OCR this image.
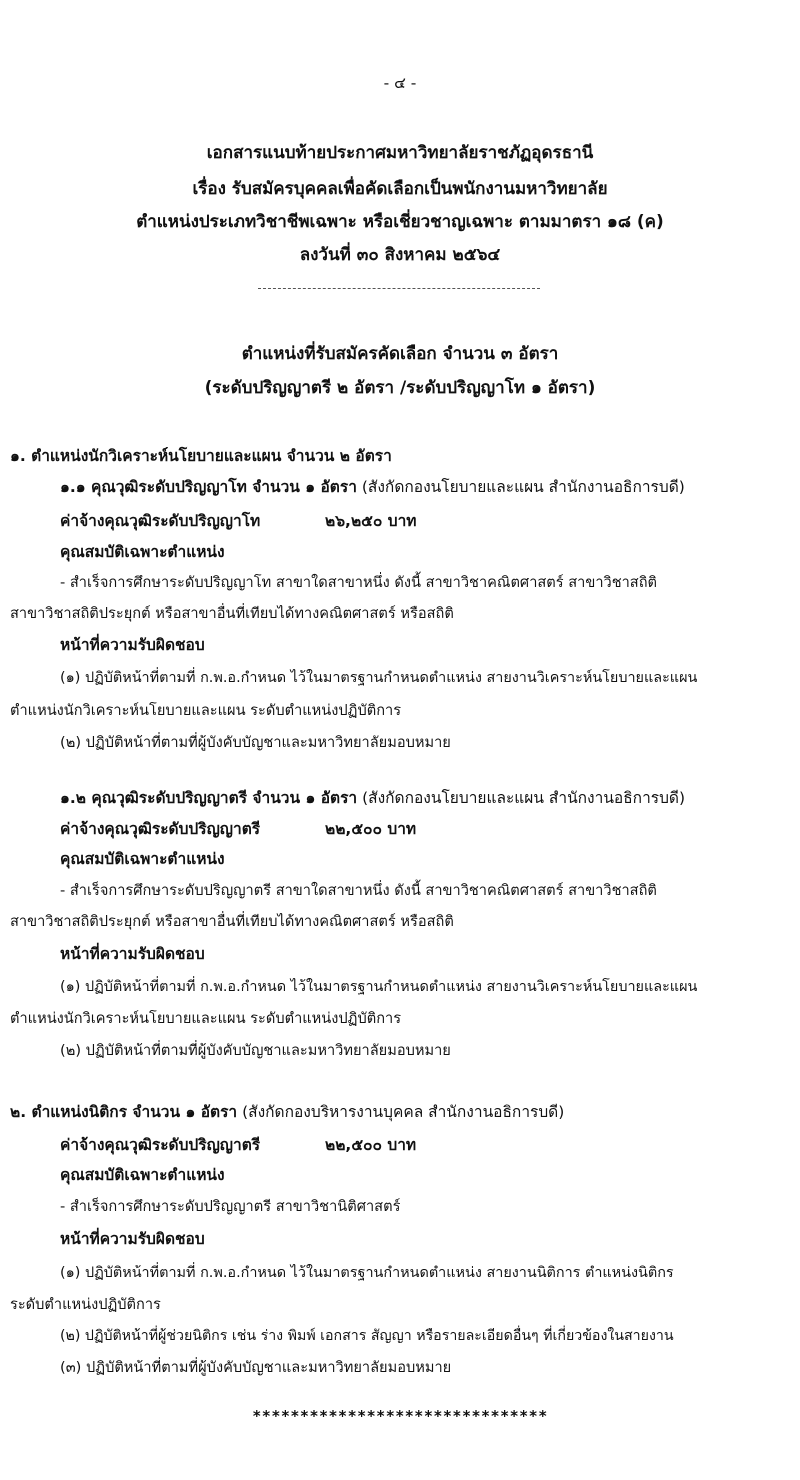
- ๔ -
เอกสารแนบท้ายประกาศมหาวิทยาลัยราชภัฏอุดรธานี
เรื่อง รับสมัครบุคคลเพื่อคัดเลือกเป็นพนักงานมหาวิทยาลัย
ตำแหน่งประเภทวิชาชีพเฉพาะ หรือเชี่ยวชาญเฉพาะ ตามมาตรา ๑๘ (ค)
ลงวันที่ ๓๐ สิงหาคม ๒๕๖๔
ตำแหน่งที่รับสมัครคัดเลือก จำนวน ๓ อัตรา
(ระดับปริญญาตรี ๒ อัตรา /ระดับปริญญาโท ๑ อัตรา)
๑. ตำแหน่งนักวิเคราะห์นโยบายและแผน จำนวน ๒ อัตรา
๑.๑ คุณวุฒิระดับปริญญาโท จำนวน ๑ อัตรา (สังกัดกองนโยบายและแผน สำนักงานอธิการบดี)
ค่าจ้างคุณวุฒิระดับปริญญาโท	๒๖,๒๕๐ บาท
คุณสมบัติเฉพาะตำแหน่ง
- สำเร็จการศึกษาระดับปริญญาโท สาขาใดสาขาหนึ่ง ดังนี้ สาขาวิชาคณิตศาสตร์ สาขาวิชาสถิติ
สาขาวิชาสถิติประยุกต์ หรือสาขาอื่นที่เทียบได้ทางคณิตศาสตร์ หรือสถิติ
หน้าที่ความรับผิดชอบ
(๑) ปฏิบัติหน้าที่ตามที่ ก.พ.อ.กำหนด ไว้ในมาตรฐานกำหนดตำแหน่ง สายงานวิเคราะห์นโยบายและแผน
ตำแหน่งนักวิเคราะห์นโยบายและแผน ระดับตำแหน่งปฏิบัติการ
(๒) ปฏิบัติหน้าที่ตามที่ผู้บังคับบัญชาและมหาวิทยาลัยมอบหมาย
๑.๒ คุณวุฒิระดับปริญญาตรี จำนวน ๑ อัตรา (สังกัดกองนโยบายและแผน สำนักงานอธิการบดี)
ค่าจ้างคุณวุฒิระดับปริญญาตรี	๒๒,๕๐๐ บาท
คุณสมบัติเฉพาะตำแหน่ง
- สำเร็จการศึกษาระดับปริญญาตรี สาขาใดสาขาหนึ่ง ดังนี้ สาขาวิชาคณิตศาสตร์ สาขาวิชาสถิติ
สาขาวิชาสถิติประยุกต์ หรือสาขาอื่นที่เทียบได้ทางคณิตศาสตร์ หรือสถิติ
หน้าที่ความรับผิดชอบ
(๑) ปฏิบัติหน้าที่ตามที่ ก.พ.อ.กำหนด ไว้ในมาตรฐานกำหนดตำแหน่ง สายงานวิเคราะห์นโยบายและแผน
ตำแหน่งนักวิเคราะห์นโยบายและแผน ระดับตำแหน่งปฏิบัติการ
(๒) ปฏิบัติหน้าที่ตามที่ผู้บังคับบัญชาและมหาวิทยาลัยมอบหมาย
๒. ตำแหน่งนิติกร จำนวน ๑ อัตรา (สังกัดกองบริหารงานบุคคล สำนักงานอธิการบดี)
ค่าจ้างคุณวุฒิระดับปริญญาตรี	๒๒,๕๐๐ บาท
คุณสมบัติเฉพาะตำแหน่ง
- สำเร็จการศึกษาระดับปริญญาตรี สาขาวิชานิติศาสตร์
หน้าที่ความรับผิดชอบ
(๑) ปฏิบัติหน้าที่ตามที่ ก.พ.อ.กำหนด ไว้ในมาตรฐานกำหนดตำแหน่ง สายงานนิติการ ตำแหน่งนิติกร
ระดับตำแหน่งปฏิบัติการ
(๒) ปฏิบัติหน้าที่ผู้ช่วยนิติกร เช่น ร่าง พิมพ์ เอกสาร สัญญา หรือรายละเอียดอื่นๆ ที่เกี่ยวข้องในสายงาน
(๓) ปฏิบัติหน้าที่ตามที่ผู้บังคับบัญชาและมหาวิทยาลัยมอบหมาย
*******************************
